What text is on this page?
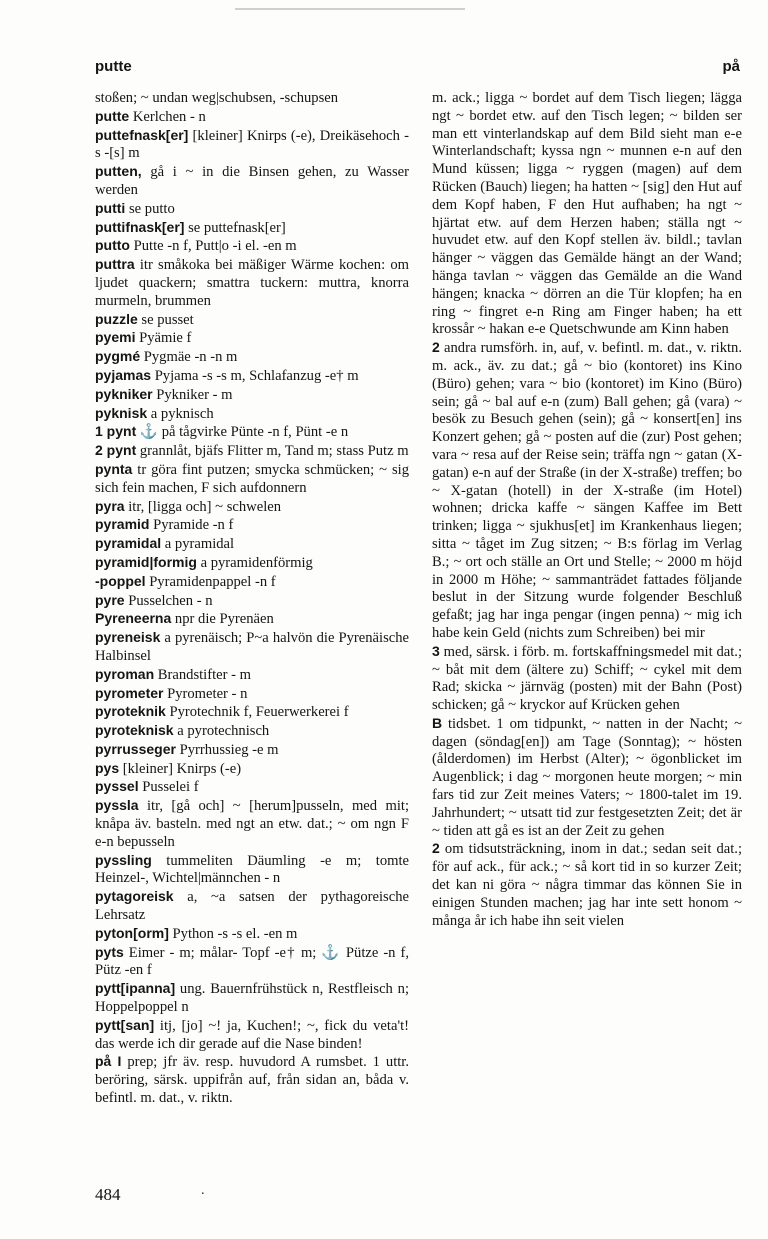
putte	på

stoßen; ~ undan weg|schubsen, -schupsen

putte Kerlchen - n

puttefnask[er] [kleiner] Knirps (-e), Dreikäsehoch -s -[s] m

putten, gå i ~ in die Binsen gehen, zu Wasser werden

putti se putto

puttifnask[er] se puttefnask[er]

putto Putte -n f, Putt|o -i el. -en m

puttra itr småkoka bei mäßiger Wärme kochen: om ljudet quackern; smattra tuckern: muttra, knorra murmeln, brummen

puzzle se pusset

pyemi Pyämie f

pygmé Pygmäe -n -n m

pyjamas Pyjama -s -s m, Schlafanzug -e† m

pykniker Pykniker - m

pyknisk a pyknisch

1 pynt ⚓ på tågvirke Pünte -n f, Pünt -e n

2 pynt grannlåt, bjäfs Flitter m, Tand m; stass Putz m

pynta tr göra fint putzen; smycka schmücken; ~ sig sich fein machen, F sich aufdonnern

pyra itr, [ligga och] ~ schwelen

pyramid Pyramide -n f

pyramidal a pyramidal

pyramid|formig a pyramidenförmig

-poppel Pyramidenpappel -n f

pyre Pusselchen - n

Pyreneerna npr die Pyrenäen

pyreneisk a pyrenäisch; P~a halvön die Pyrenäische Halbinsel

pyroman Brandstifter - m

pyrometer Pyrometer - n

pyroteknik Pyrotechnik f, Feuerwerkerei f

pyroteknisk a pyrotechnisch

pyrrusseger Pyrrhussieg -e m

pys [kleiner] Knirps (-e)

pyssel Pusselei f

pyssla itr, [gå och] ~ [herum]pusseln, med mit; knåpa äv. basteln. med ngt an etw. dat.; ~ om ngn F e-n bepusseln

pyssling tummeliten Däumling -e m; tomte Heinzel-, Wichtel|männchen - n

pytagoreisk a, ~a satsen der pythagoreische Lehrsatz

pyton[orm] Python -s -s el. -en m

pyts Eimer - m; målar- Topf -e† m; ⚓ Pütze -n f, Pütz -en f

pytt[ipanna] ung. Bauernfrühstück n, Restfleisch n; Hoppelpoppel n

pytt[san] itj, [jo] ~! ja, Kuchen!; ~, fick du veta't! das werde ich dir gerade auf die Nase binden!

på I prep; jfr äv. resp. huvudord A rumsbet. 1 uttr. beröring, särsk. uppifrån auf, från sidan an, båda v. befintl. m. dat., v. riktn.

m. ack.; ligga ~ bordet auf dem Tisch liegen; lägga ngt ~ bordet etw. auf den Tisch legen; ~ bilden ser man ett vinterlandskap auf dem Bild sieht man e-e Winterlandschaft; kyssa ngn ~ munnen e-n auf den Mund küssen; ligga ~ ryggen (magen) auf dem Rücken (Bauch) liegen; ha hatten ~ [sig] den Hut auf dem Kopf haben, F den Hut aufhaben; ha ngt ~ hjärtat etw. auf dem Herzen haben; ställa ngt ~ huvudet etw. auf den Kopf stellen äv. bildl.; tavlan hänger ~ väggen das Gemälde hängt an der Wand; hänga tavlan ~ väggen das Gemälde an die Wand hängen; knacka ~ dörren an die Tür klopfen; ha en ring ~ fingret e-n Ring am Finger haben; ha ett krossår ~ hakan e-e Quetschwunde am Kinn haben

2 andra rumsförh. in, auf, v. befintl. m. dat., v. riktn. m. ack., äv. zu dat.; gå ~ bio (kontoret) ins Kino (Büro) gehen; vara ~ bio (kontoret) im Kino (Büro) sein; gå ~ bal auf e-n (zum) Ball gehen; gå (vara) ~ besök zu Besuch gehen (sein); gå ~ konsert[en] ins Konzert gehen; gå ~ posten auf die (zur) Post gehen; vara ~ resa auf der Reise sein; träffa ngn ~ gatan (X-gatan) e-n auf der Straße (in der X-straße) treffen; bo ~ X-gatan (hotell) in der X-straße (im Hotel) wohnen; dricka kaffe ~ sängen Kaffee im Bett trinken; ligga ~ sjukhus[et] im Krankenhaus liegen; sitta ~ tåget im Zug sitzen; ~ B:s förlag im Verlag B.; ~ ort och ställe an Ort und Stelle; ~ 2000 m höjd in 2000 m Höhe; ~ sammanträdet fattades följande beslut in der Sitzung wurde folgender Beschluß gefaßt; jag har inga pengar (ingen penna) ~ mig ich habe kein Geld (nichts zum Schreiben) bei mir

3 med, särsk. i förb. m. fortskaffningsmedel mit dat.; ~ båt mit dem (ältere zu) Schiff; ~ cykel mit dem Rad; skicka ~ järnväg (posten) mit der Bahn (Post) schicken; gå ~ kryckor auf Krücken gehen

B tidsbet. 1 om tidpunkt, ~ natten in der Nacht; ~ dagen (söndag[en]) am Tage (Sonntag); ~ hösten (ålderdomen) im Herbst (Alter); ~ ögonblicket im Augenblick; i dag ~ morgonen heute morgen; ~ min fars tid zur Zeit meines Vaters; ~ 1800-talet im 19. Jahrhundert; ~ utsatt tid zur festgesetzten Zeit; det är ~ tiden att gå es ist an der Zeit zu gehen

2 om tidsutsträckning, inom in dat.; sedan seit dat.; för auf ack., für ack.; ~ så kort tid in so kurzer Zeit; det kan ni göra ~ några timmar das können Sie in einigen Stunden machen; jag har inte sett honom ~ många år ich habe ihn seit vielen

484	.
